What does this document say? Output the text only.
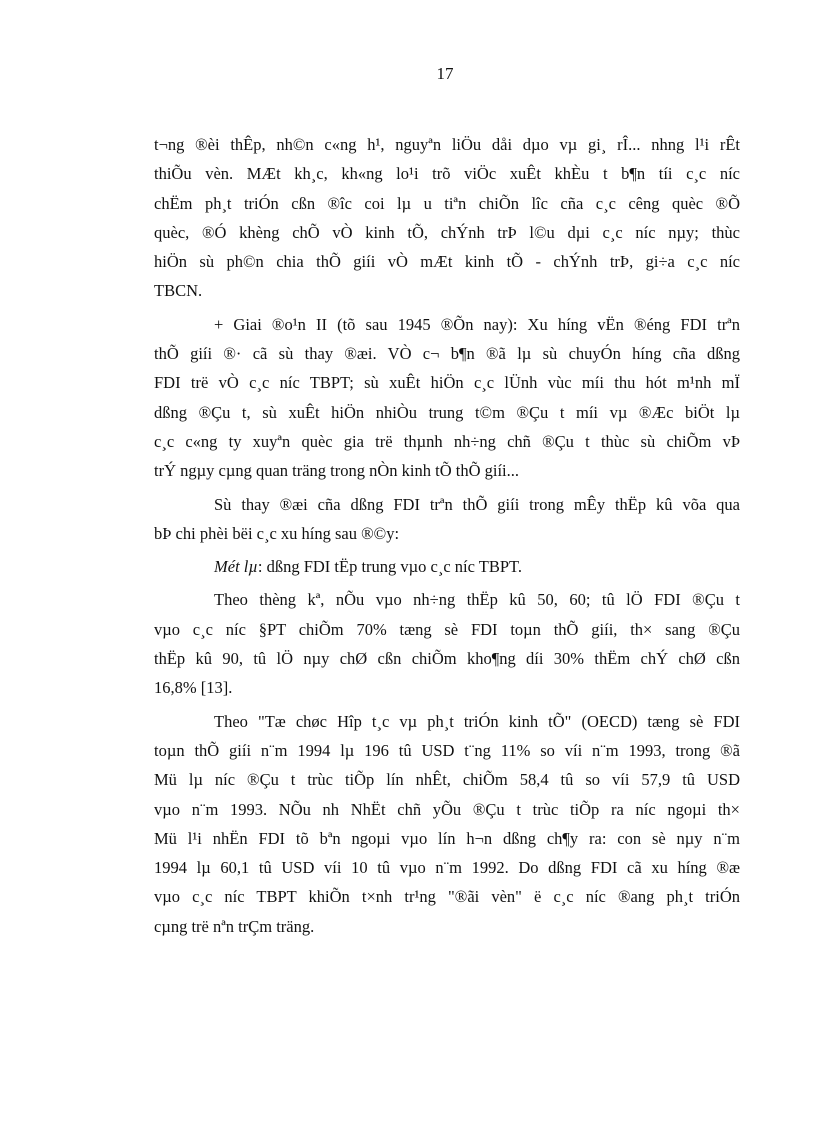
17

t¬ng ®èi thÊp, nh©n c«ng h¹, nguyªn liÖu dåi dµo vµ gi¸ rÎ... nhng l¹i rÊt
thiÕu vèn. MÆt kh¸c, kh«ng lo¹i trõ viÖc xuÊt khÈu t b¶n tíi c¸c níc
chËm ph¸t triÓn cßn ®îc coi lµ u tiªn chiÕn lîc cña c¸c cêng quèc ®Õ
quèc, ®Ó khèng chÕ vÒ kinh tÕ, chÝnh trÞ l©u dµi c¸c níc nµy; thùc
hiÖn sù ph©n chia thÕ giíi vÒ mÆt kinh tÕ - chÝnh trÞ, gi÷a c¸c níc
TBCN.

+ Giai ®o¹n II (tõ sau 1945 ®Õn nay): Xu híng vËn ®éng FDI trªn
thÕ giíi ®· cã sù thay ®æi. VÒ c¬ b¶n ®ã lµ sù chuyÓn híng cña dßng
FDI trë vÒ c¸c níc TBPT; sù xuÊt hiÖn c¸c lÜnh vùc míi thu hót m¹nh mÏ
dßng ®Çu t, sù xuÊt hiÖn nhiÒu trung t©m ®Çu t míi vµ ®Æc biÖt lµ
c¸c c«ng ty xuyªn quèc gia trë thµnh nh÷ng chñ ®Çu t thùc sù chiÕm vÞ
trÝ ngµy cµng quan träng trong nÒn kinh tÕ thÕ giíi...

Sù thay ®æi cña dßng FDI trªn thÕ giíi trong mÊy thËp kû võa qua
bÞ chi phèi bëi c¸c xu híng sau ®©y:

Mét lµ: dßng FDI tËp trung vµo c¸c níc TBPT.

Theo thèng kª, nÕu vµo nh÷ng thËp kû 50, 60; tû lÖ FDI ®Çu t
vµo c¸c níc §PT chiÕm 70% tæng sè FDI toµn thÕ giíi, th× sang ®Çu
thËp kû 90, tû lÖ nµy chØ cßn chiÕm kho¶ng díi 30% thËm chÝ chØ cßn
16,8% [13].

Theo "Tæ chøc Hîp t¸c vµ ph¸t triÓn kinh tÕ" (OECD) tæng sè FDI
toµn thÕ giíi n¨m 1994 lµ 196 tû USD t¨ng 11% so víi n¨m 1993, trong ®ã
Mü lµ níc ®Çu t trùc tiÕp lín nhÊt, chiÕm 58,4 tû so víi 57,9 tû USD
vµo n¨m 1993. NÕu nh NhËt chñ yÕu ®Çu t trùc tiÕp ra níc ngoµi th×
Mü l¹i nhËn FDI tõ bªn ngoµi vµo lín h¬n dßng ch¶y ra: con sè nµy n¨m
1994 lµ 60,1 tû USD víi 10 tû vµo n¨m 1992. Do dßng FDI cã xu híng ®æ
vµo c¸c níc TBPT khiÕn t×nh tr¹ng "®ãi vèn" ë c¸c níc ®ang ph¸t triÓn
cµng trë nªn trÇm träng.
